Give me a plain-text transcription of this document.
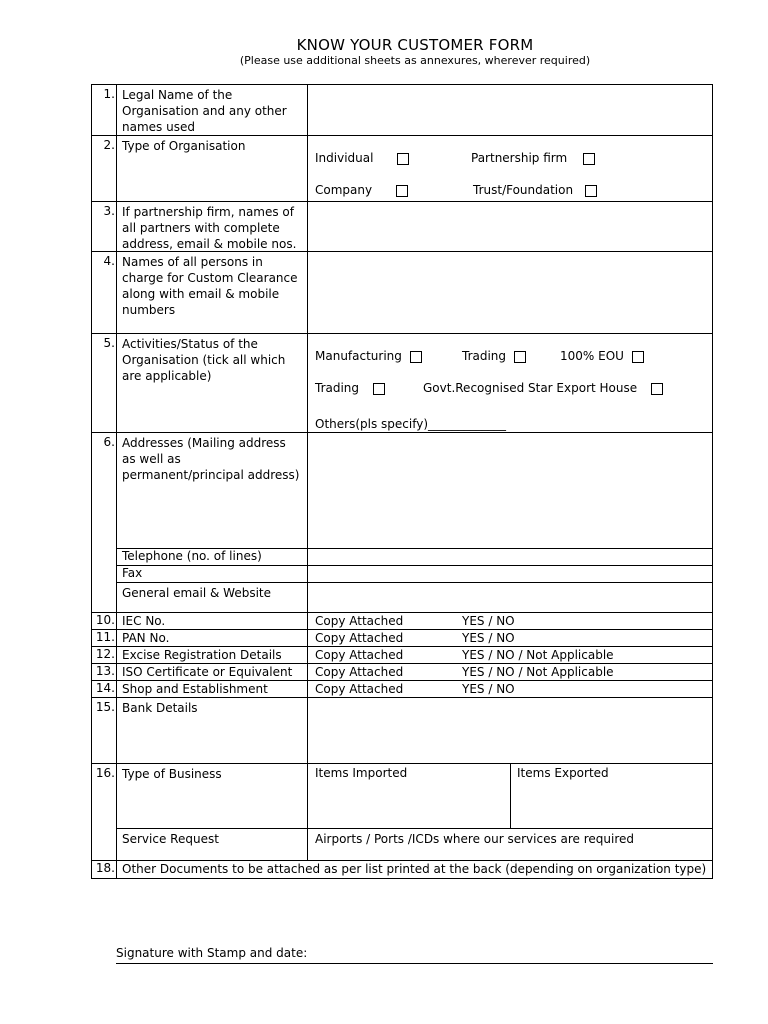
KNOW YOUR CUSTOMER FORM
(Please use additional sheets as annexures, wherever required)
1. Legal Name of the Organisation and any other names used
2. Type of Organisation
Individual	Partnership firm
Company	Trust/Foundation
3. If partnership firm, names of all partners with complete address, email & mobile nos.
4. Names of all persons in charge for Custom Clearance along with email & mobile numbers
5. Activities/Status of the Organisation (tick all which are applicable)
Manufacturing	Trading	100% EOU
Trading	Govt.Recognised Star Export House
Others(pls specify)_____________
6. Addresses (Mailing address as well as permanent/principal address)
Telephone (no. of lines)
Fax
General email & Website
10. IEC No.	Copy Attached	YES / NO
11. PAN No.	Copy Attached	YES / NO
12. Excise Registration Details	Copy Attached	YES / NO / Not Applicable
13. ISO Certificate or Equivalent	Copy Attached	YES / NO / Not Applicable
14. Shop and Establishment	Copy Attached	YES / NO
15. Bank Details
16. Type of Business	Items Imported	Items Exported
Service Request	Airports / Ports /ICDs where our services are required
18. Other Documents to be attached as per list printed at the back (depending on organization type)
Signature with Stamp and date:
